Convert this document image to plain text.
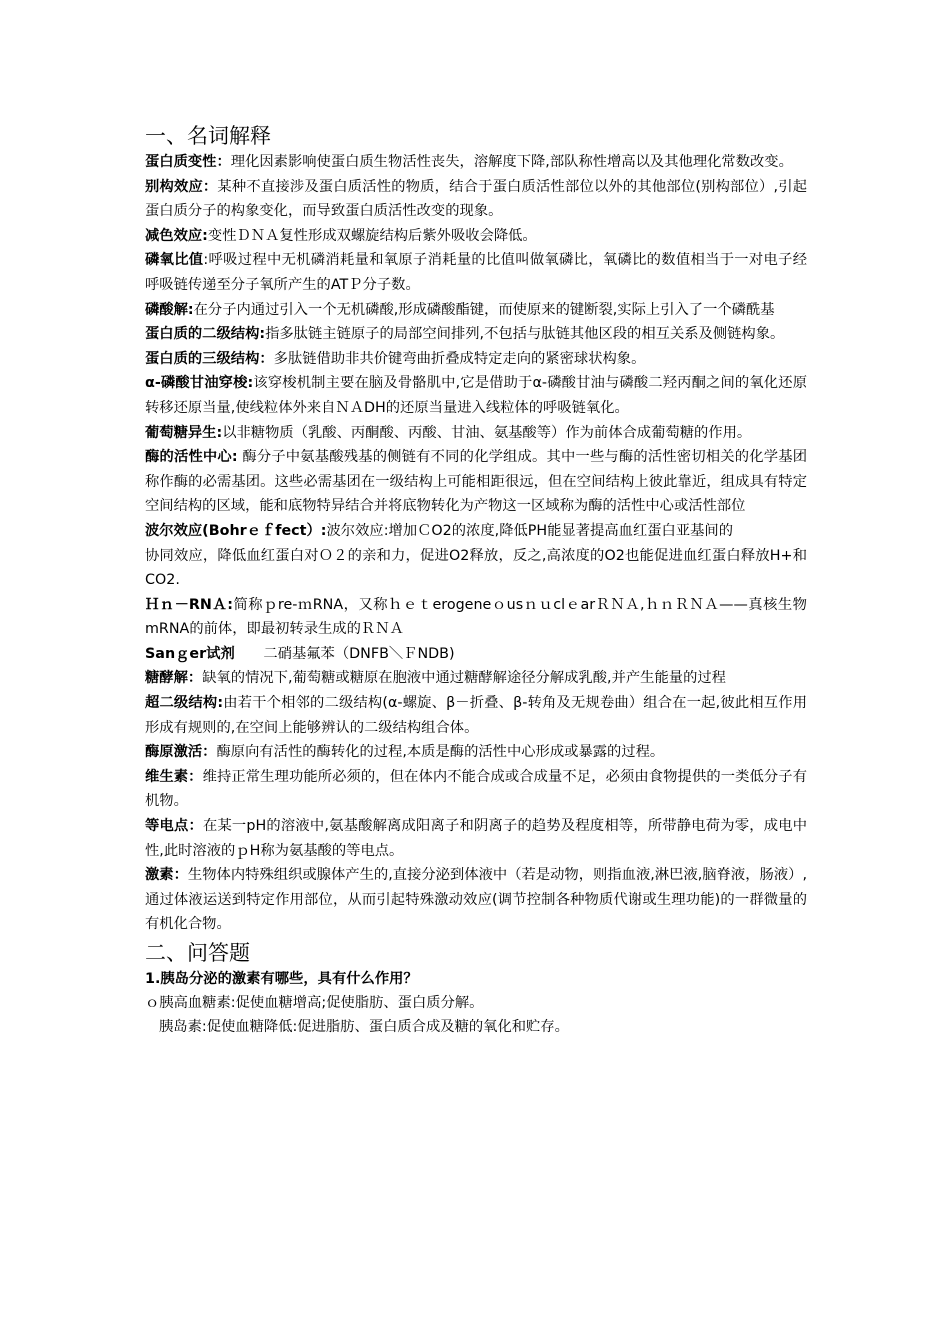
一、名词解释
蛋白质变性：理化因素影响使蛋白质生物活性丧失，溶解度下降,部队称性增高以及其他理化常数改变。
别构效应：某种不直接涉及蛋白质活性的物质，结合于蛋白质活性部位以外的其他部位(别构部位）,引起蛋白质分子的构象变化，而导致蛋白质活性改变的现象。
减色效应:变性ＤＮＡ复性形成双螺旋结构后紫外吸收会降低。
磷氧比值:呼吸过程中无机磷消耗量和氧原子消耗量的比值叫做氧磷比，氧磷比的数值相当于一对电子经呼吸链传递至分子氧所产生的ATＰ分子数。
磷酸解:在分子内通过引入一个无机磷酸,形成磷酸酯键，而使原来的键断裂,实际上引入了一个磷酰基
蛋白质的二级结构:指多肽链主链原子的局部空间排列,不包括与肽链其他区段的相互关系及侧链构象。
蛋白质的三级结构：多肽链借助非共价键弯曲折叠成特定走向的紧密球状构象。
α-磷酸甘油穿梭:该穿梭机制主要在脑及骨骼肌中,它是借助于α-磷酸甘油与磷酸二羟丙酮之间的氧化还原转移还原当量,使线粒体外来自ＮＡDH的还原当量进入线粒体的呼吸链氧化。
葡萄糖异生:以非糖物质（乳酸、丙酮酸、丙酸、甘油、氨基酸等）作为前体合成葡萄糖的作用。
酶的活性中心: 酶分子中氨基酸残基的侧链有不同的化学组成。其中一些与酶的活性密切相关的化学基团称作酶的必需基团。这些必需基团在一级结构上可能相距很远，但在空间结构上彼此靠近，组成具有特定空间结构的区域，能和底物特异结合并将底物转化为产物这一区域称为酶的活性中心或活性部位
波尔效应(Bohrｅｆfect）:波尔效应:增加ＣO2的浓度,降低PH能显著提高血红蛋白亚基间的
协同效应，降低血红蛋白对Ｏ２的亲和力，促进O2释放，反之,高浓度的O2也能促进血红蛋白释放H+和CO2.
Ｈｎ－RNＡ:简称ｐre-ｍRNA，又称ｈｅｔerogeneｏusｎｕclｅarＲＮＡ,ｈｎＲＮＡ——真核生物mRNA的前体，即最初转录生成的ＲＮＡ
Sanｇer试剂　　二硝基氟苯（DNFB＼ＦNDB)
糖酵解：缺氧的情况下,葡萄糖或糖原在胞液中通过糖酵解途径分解成乳酸,并产生能量的过程
超二级结构:由若干个相邻的二级结构(α-螺旋、β－折叠、β-转角及无规卷曲）组合在一起,彼此相互作用形成有规则的,在空间上能够辨认的二级结构组合体。
酶原激活：酶原向有活性的酶转化的过程,本质是酶的活性中心形成或暴露的过程。
维生素：维持正常生理功能所必须的，但在体内不能合成或合成量不足，必须由食物提供的一类低分子有机物。
等电点：在某一pH的溶液中,氨基酸解离成阳离子和阴离子的趋势及程度相等，所带静电荷为零，成电中性,此时溶液的ｐH称为氨基酸的等电点。
激素：生物体内特殊组织或腺体产生的,直接分泌到体液中（若是动物，则指血液,淋巴液,脑脊液，肠液）,通过体液运送到特定作用部位，从而引起特殊激动效应(调节控制各种物质代谢或生理功能)的一群微量的有机化合物。
二、问答题
1.胰岛分泌的激素有哪些，具有什么作用？
ｏ胰高血糖素:促使血糖增高;促使脂肪、蛋白质分解。
胰岛素:促使血糖降低:促进脂肪、蛋白质合成及糖的氧化和贮存。
